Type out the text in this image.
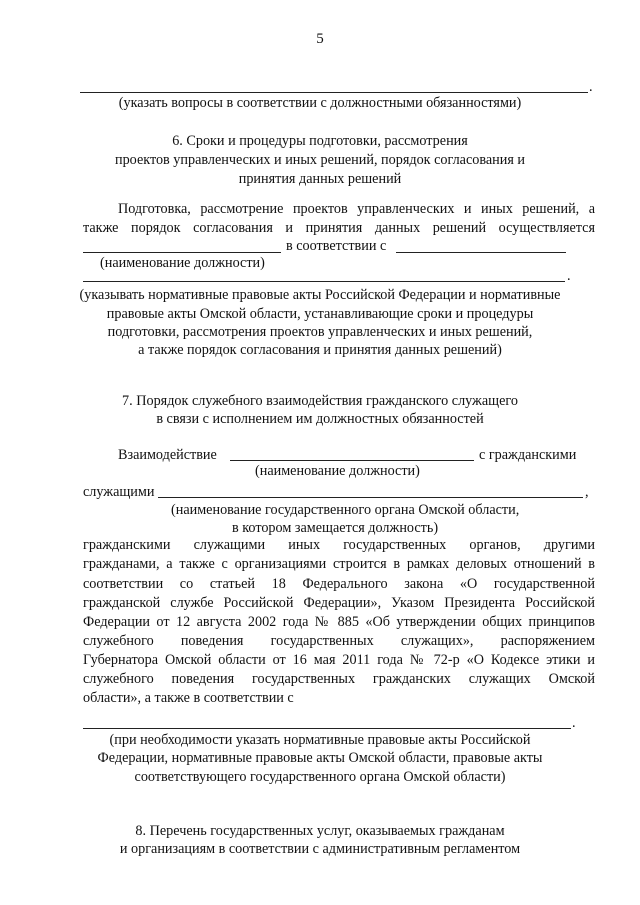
5
.
(указать вопросы в соответствии с должностными обязанностями)
6. Сроки и процедуры подготовки, рассмотрения
проектов управленческих и иных решений, порядок согласования и
принятия данных решений
Подготовка, рассмотрение проектов управленческих и иных решений, а
также порядок согласования и принятия данных решений осуществляется
в соответствии с
(наименование должности)
.
(указывать нормативные правовые акты Российской Федерации и нормативные
правовые акты Омской области, устанавливающие сроки и процедуры
подготовки, рассмотрения проектов управленческих и иных решений,
а также порядок согласования и принятия данных решений)
7. Порядок служебного взаимодействия гражданского служащего
в связи с исполнением им должностных обязанностей
Взаимодействие	с гражданскими
(наименование должности)
служащими	,
(наименование государственного органа Омской области,
в котором замещается должность)
гражданскими служащими иных государственных органов, другими
гражданами, а также с организациями строится в рамках деловых отношений в
соответствии со статьей 18 Федерального закона «О государственной
гражданской службе Российской Федерации», Указом Президента Российской
Федерации от 12 августа 2002 года № 885 «Об утверждении общих принципов
служебного поведения государственных служащих», распоряжением
Губернатора Омской области от 16 мая 2011 года № 72-р «О Кодексе этики и
служебного поведения государственных гражданских служащих Омской
области», а также в соответствии с
.
(при необходимости указать нормативные правовые акты Российской
Федерации, нормативные правовые акты Омской области, правовые акты
соответствующего государственного органа Омской области)
8. Перечень государственных услуг, оказываемых гражданам
и организациям в соответствии с административным регламентом
